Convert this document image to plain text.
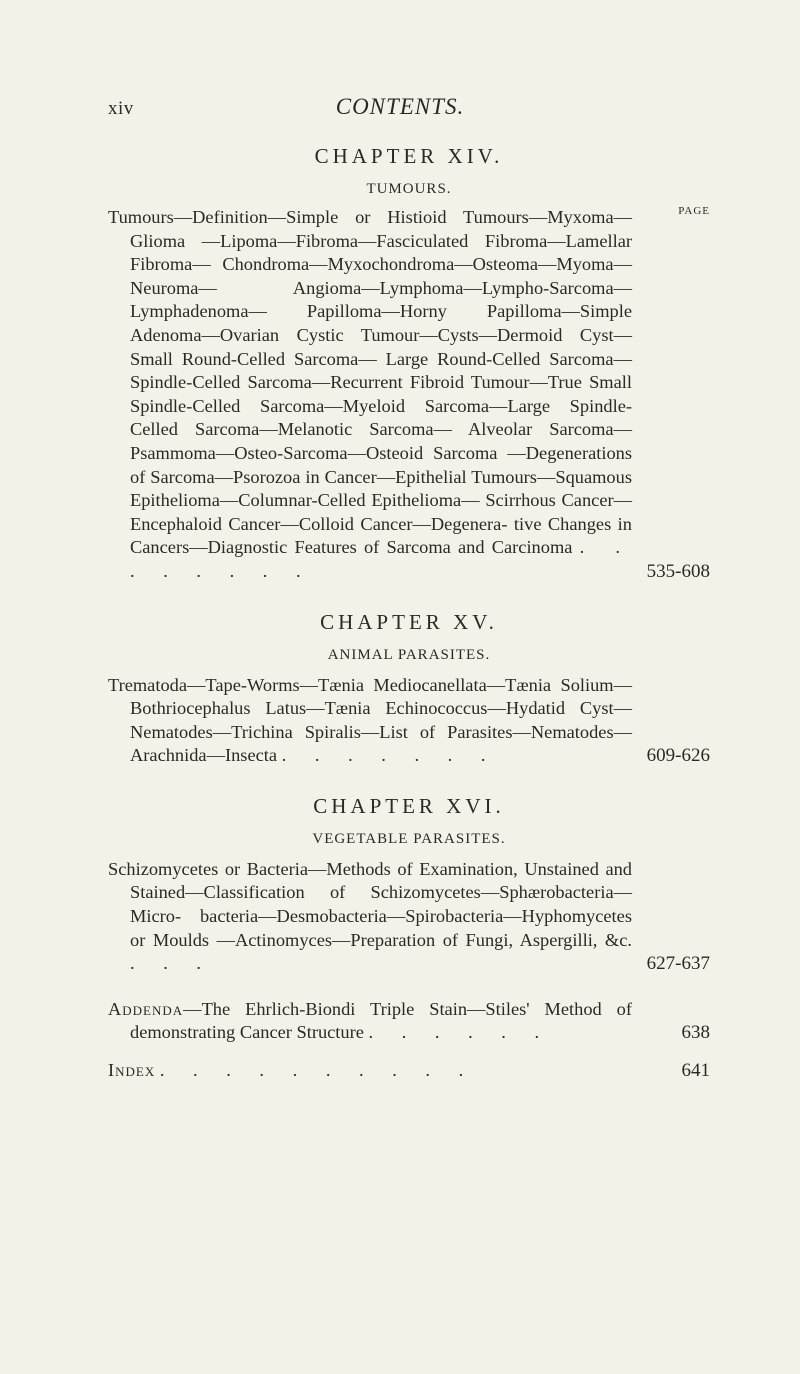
xiv	CONTENTS.
CHAPTER XIV.
TUMOURS.
PAGE
Tumours—Definition—Simple or Histioid Tumours—Myxoma—Glioma —Lipoma—Fibroma—Fasciculated Fibroma—Lamellar Fibroma— Chondroma—Myxochondroma—Osteoma—Myoma—Neuroma— Angioma—Lymphoma—Lympho-Sarcoma—Lymphadenoma— Papilloma—Horny Papilloma—Simple Adenoma—Ovarian Cystic Tumour—Cysts—Dermoid Cyst—Small Round-Celled Sarcoma— Large Round-Celled Sarcoma—Spindle-Celled Sarcoma—Recurrent Fibroid Tumour—True Small Spindle-Celled Sarcoma—Myeloid Sarcoma—Large Spindle-Celled Sarcoma—Melanotic Sarcoma— Alveolar Sarcoma—Psammoma—Osteo-Sarcoma—Osteoid Sarcoma —Degenerations of Sarcoma—Psorozoa in Cancer—Epithelial Tumours—Squamous Epithelioma—Columnar-Celled Epithelioma— Scirrhous Cancer—Encephaloid Cancer—Colloid Cancer—Degenera- tive Changes in Cancers—Diagnostic Features of Sarcoma and Carcinoma . . . . . . . .	535-608
CHAPTER XV.
ANIMAL PARASITES.
Trematoda—Tape-Worms—Tænia Mediocanellata—Tænia Solium— Bothriocephalus Latus—Tænia Echinococcus—Hydatid Cyst— Nematodes—Trichina Spiralis—List of Parasites—Nematodes— Arachnida—Insecta . . . . . . .	609-626
CHAPTER XVI.
VEGETABLE PARASITES.
Schizomycetes or Bacteria—Methods of Examination, Unstained and Stained—Classification of Schizomycetes—Sphærobacteria—Micro- bacteria—Desmobacteria—Spirobacteria—Hyphomycetes or Moulds —Actinomyces—Preparation of Fungi, Aspergilli, &c. . . .	627-637
Addenda—The Ehrlich-Biondi Triple Stain—Stiles' Method of demonstrating Cancer Structure . . . . . .	638
Index . . . . . . . . . .	641
